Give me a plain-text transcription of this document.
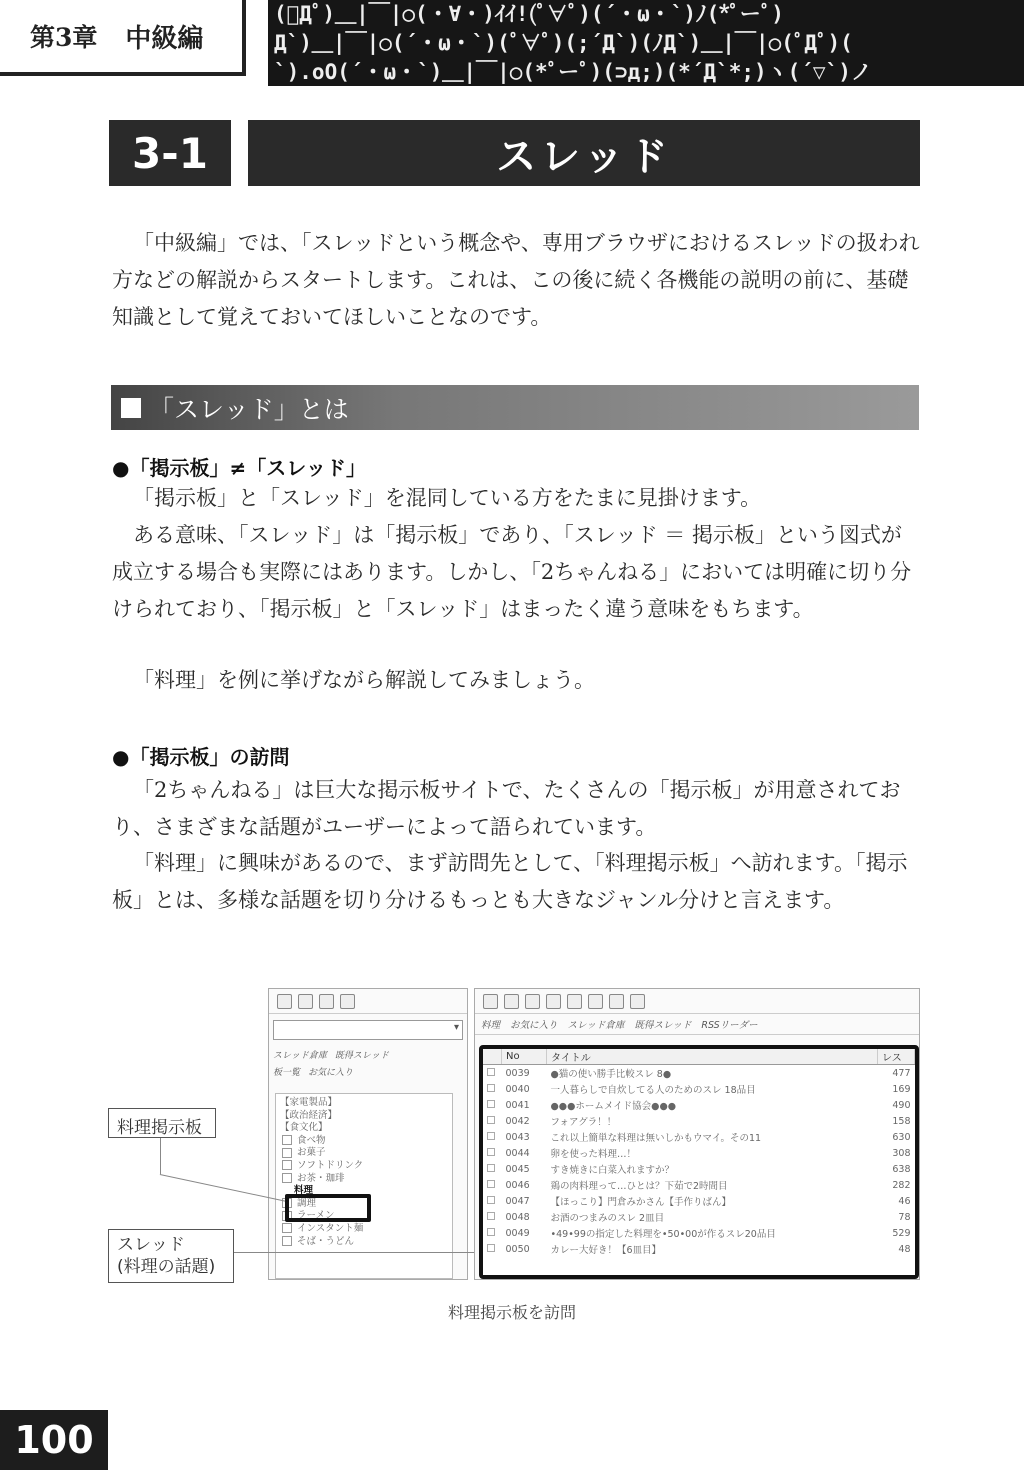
第3章 中級編
(ﾟДﾟ)＿|￣|○(・∀・)ｲｲ!(ﾟ∀ﾟ)(´・ω・`)ﾉ(*ﾟーﾟ)
Д`)＿|￣|○(´・ω・`)(ﾟ∀ﾟ)(;´Д`)(ﾉД`)＿|￣|○(ﾟДﾟ)(
`).oO(´・ω・`)＿|￣|○(*ﾟーﾟ)(⊃д;)(*´Д`*;)ヽ(´▽`)ノ
3-1	スレッド

「中級編」では、「スレッドという概念や、専用ブラウザにおけるスレッドの扱われ方などの解説からスタートします。これは、この後に続く各機能の説明の前に、基礎知識として覚えておいてほしいことなのです。

「スレッド」とは
●「掲示板」≠「スレッド」

「掲示板」と「スレッド」を混同している方をたまに見掛けます。

ある意味、「スレッド」は「掲示板」であり、「スレッド ＝ 掲示板」という図式が成立する場合も実際にはあります。しかし、「2ちゃんねる」においては明確に切り分けられており、「掲示板」と「スレッド」はまったく違う意味をもちます。

「料理」を例に挙げながら解説してみましょう。

●「掲示板」の訪問

「2ちゃんねる」は巨大な掲示板サイトで、たくさんの「掲示板」が用意されており、さまざまな話題がユーザーによって語られています。

「料理」に興味があるので、まず訪問先として、「料理掲示板」へ訪れます。「掲示板」とは、多様な話題を切り分けるもっとも大きなジャンル分けと言えます。

▾
スレッド倉庫 既得スレッド
板一覧 お気に入り
【家電製品】
【政治経済】
【食文化】
食べ物
お菓子
ソフトドリンク
お茶・珈琲
料理
調理
ラーメン
インスタント麺
そば・うどん
料理 お気に入り スレッド倉庫 既得スレッド RSSリーダー
	No	タイトル	レス
	0039	●猫の使い勝手比較スレ 8●	477
	0040	一人暮らしで自炊してる人のためのスレ 18品目	169
	0041	●●●ホームメイド協会●●●	490
	0042	フォアグラ！！	158
	0043	これ以上簡単な料理は無いしかもウマイ。その11	630
	0044	卵を使った料理…！	308
	0045	すき焼きに白菜入れますか？	638
	0046	鶏の肉料理って…ひとは？下茹で2時間目	282
	0047	【ほっこり】門倉みかさん【手作りばん】	46
	0048	お酒のつまみのスレ 2皿目	78
	0049	•49•99の指定した料理を•50•00が作るスレ20品目	529
	0050	カレー大好き！【6皿目】	48
料理掲示板
スレッド
(料理の話題)
料理掲示板を訪問
100
